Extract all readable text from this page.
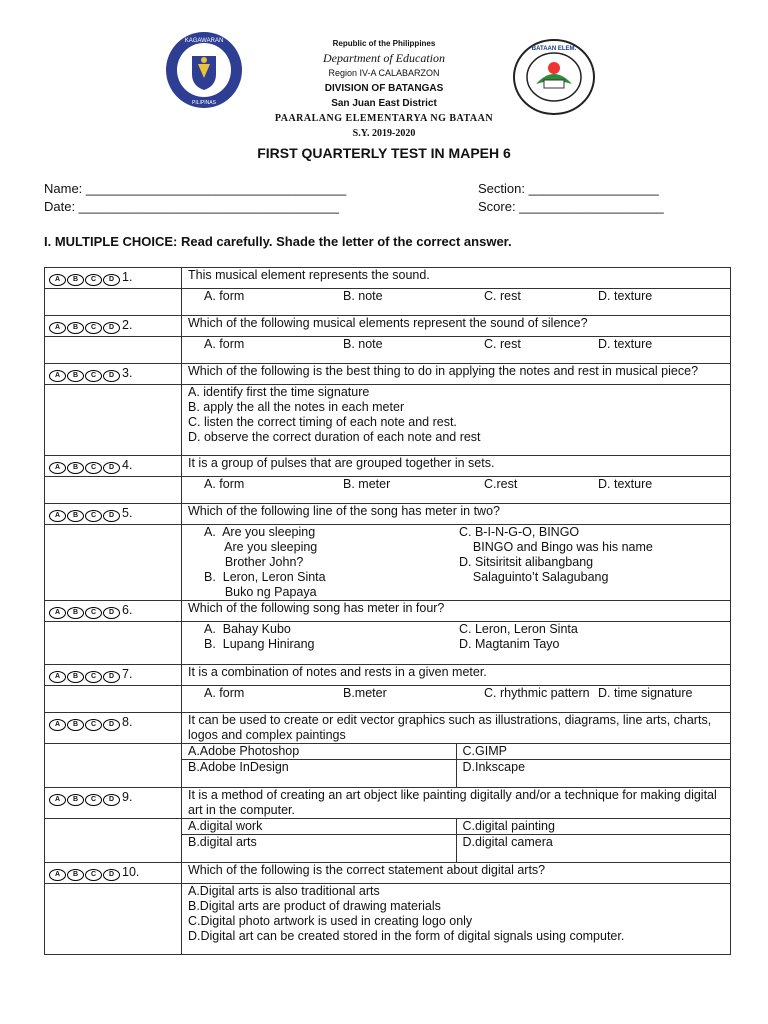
KAGAWARAN
PILIPINAS
BATAAN ELEM.
Republic of the Philippines
Department of Education
Region IV-A CALABARZON
DIVISION OF BATANGAS
San Juan East District
PAARALANG ELEMENTARYA NG BATAAN
S.Y. 2019-2020
FIRST QUARTERLY TEST IN MAPEH 6
Name: ____________________________________
Date: ____________________________________
Section: __________________
Score: ____________________
I. MULTIPLE CHOICE: Read carefully. Shade the letter of the correct answer.
A	B	C	D 1.	This musical element represents the sound.

A. form	B. note	C. rest	D. texture

A	B	C	D 2.	Which of the following musical elements represent the sound of silence?

A. form	B. note	C. rest	D. texture

A	B	C	D 3.	Which of the following is the best thing to do in applying the notes and rest in musical piece?

A. identify first the time signature
B. apply the all the notes in each meter
C. listen the correct timing of each note and rest.
D. observe the correct duration of each note and rest

A	B	C	D 4.	It is a group of pulses that are grouped together in sets.

A. form	B. meter	C.rest	D. texture

A	B	C	D 5.	Which of the following line of the song has meter in two?

A.  Are you sleeping
Are you sleeping
Brother John?
B.  Leron, Leron Sinta
Buko ng Papaya
C. B-I-N-G-O, BINGO
BINGO and Bingo was his name
D. Sitsiritsit alibangbang
Salaguinto’t Salagubang

A	B	C	D 6.	Which of the following song has meter in four?

A.  Bahay Kubo
B.  Lupang Hinirang
C. Leron, Leron Sinta
D. Magtanim Tayo

A	B	C	D 7.	It is a combination of notes and rests in a given meter.

A. form	B.meter	C. rhythmic pattern D. time signature

A	B	C	D 8.	It can be used to create or edit vector graphics such as illustrations, diagrams, line arts, charts, logos and complex paintings

A.Adobe Photoshop	C.GIMP
B.Adobe InDesign	D.Inkscape

A	B	C	D 9.	It is a method of creating an art object like painting digitally and/or a technique for making digital art in the computer.

A.digital work	C.digital painting
B.digital arts	D.digital camera

A	B	C	D 10.	Which of the following is the correct statement about digital arts?

A.Digital arts is also traditional arts
B.Digital arts are product of drawing materials
C.Digital photo artwork is used in creating logo only
D.Digital art can be created stored in the form of digital signals using computer.
